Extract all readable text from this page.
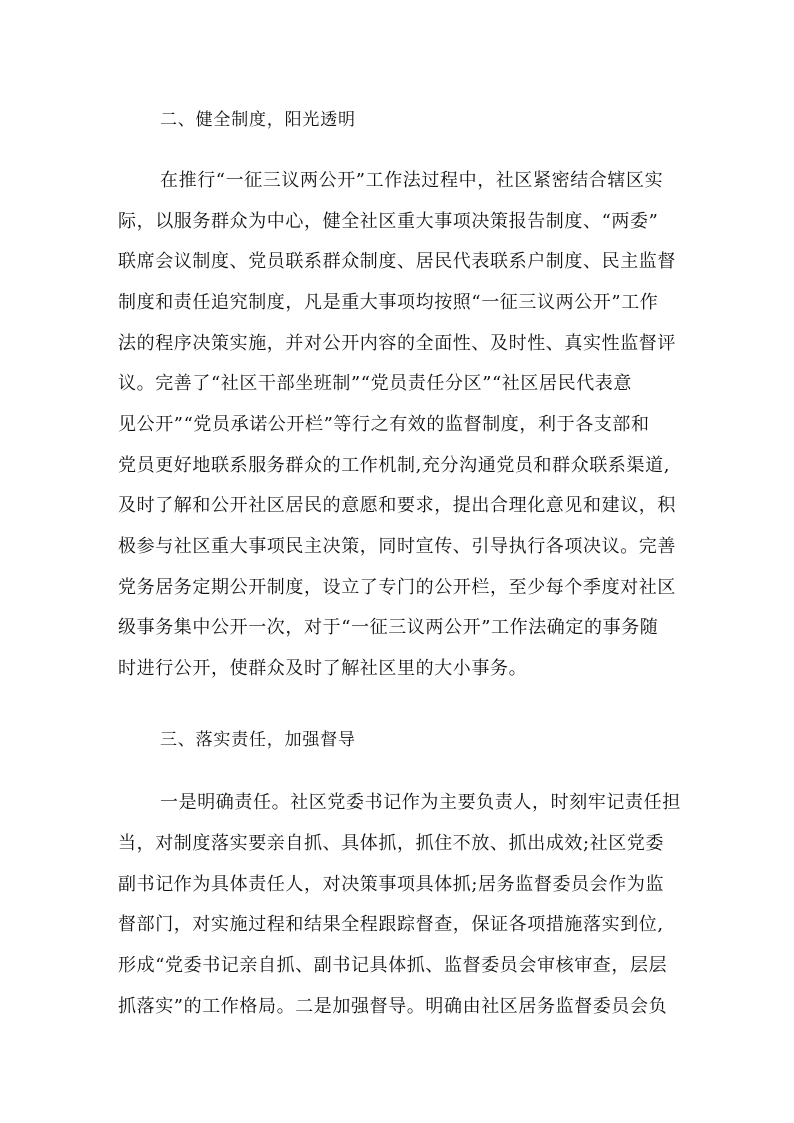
二、健全制度，阳光透明
在推行“一征三议两公开”工作法过程中，社区紧密结合辖区实
际，以服务群众为中心，健全社区重大事项决策报告制度、“两委”
联席会议制度、党员联系群众制度、居民代表联系户制度、民主监督
制度和责任追究制度，凡是重大事项均按照“一征三议两公开”工作
法的程序决策实施，并对公开内容的全面性、及时性、真实性监督评
议。完善了“社区干部坐班制”“党员责任分区”“社区居民代表意
见公开”“党员承诺公开栏”等行之有效的监督制度，利于各支部和
党员更好地联系服务群众的工作机制,充分沟通党员和群众联系渠道,
及时了解和公开社区居民的意愿和要求，提出合理化意见和建议，积
极参与社区重大事项民主决策，同时宣传、引导执行各项决议。完善
党务居务定期公开制度，设立了专门的公开栏，至少每个季度对社区
级事务集中公开一次，对于“一征三议两公开”工作法确定的事务随
时进行公开，使群众及时了解社区里的大小事务。
三、落实责任，加强督导
一是明确责任。社区党委书记作为主要负责人，时刻牢记责任担
当，对制度落实要亲自抓、具体抓，抓住不放、抓出成效;社区党委
副书记作为具体责任人，对决策事项具体抓;居务监督委员会作为监
督部门，对实施过程和结果全程跟踪督查，保证各项措施落实到位,
形成“党委书记亲自抓、副书记具体抓、监督委员会审核审查，层层
抓落实”的工作格局。二是加强督导。明确由社区居务监督委员会负
